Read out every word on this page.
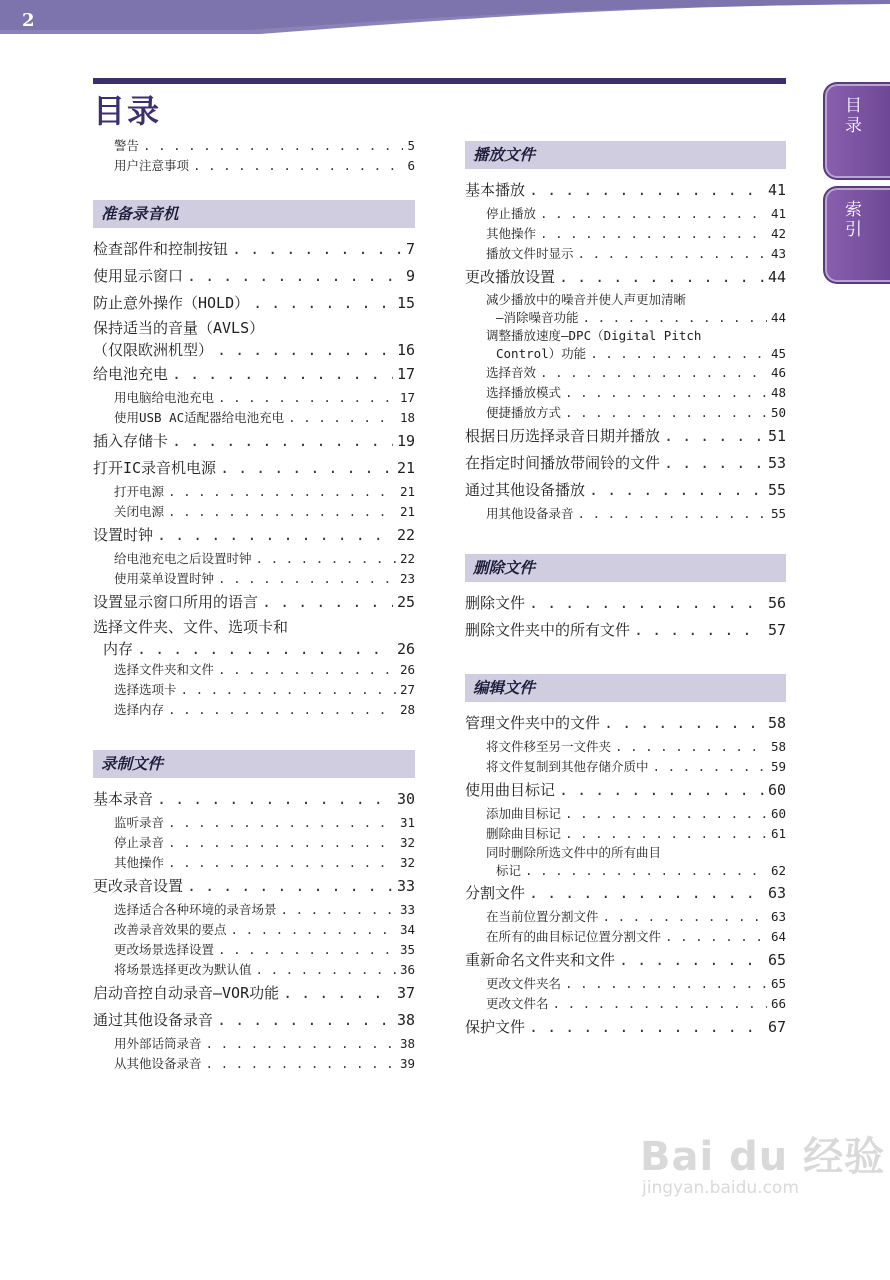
2
目录	目录
索引
警告 . . .	5
用户注意事项 . . .	6
准备录音机
检查部件和控制按钮 . . .	7
使用显示窗口 . . .	9
防止意外操作（HOLD） . . .	15
保持适当的音量（AVLS）
（仅限欧洲机型） . . .	16
给电池充电 . . .	17
用电脑给电池充电 . . .	17
使用USB AC适配器给电池充电 . . .	18
插入存储卡 . . .	19
打开IC录音机电源 . . .	21
打开电源 . . .	21
关闭电源 . . .	21
设置时钟 . . .	22
给电池充电之后设置时钟 . . .	22
使用菜单设置时钟 . . .	23
设置显示窗口所用的语言 . . .	25
选择文件夹、文件、选项卡和
内存 . . .	26
选择文件夹和文件 . . .	26
选择选项卡 . . .	27
选择内存 . . .	28
录制文件
基本录音 . . .	30
监听录音 . . .	31
停止录音 . . .	32
其他操作 . . .	32
更改录音设置 . . .	33
选择适合各种环境的录音场景 . . .	33
改善录音效果的要点 . . .	34
更改场景选择设置 . . .	35
将场景选择更改为默认值 . . .	36
启动音控自动录音—VOR功能 . . .	37
通过其他设备录音 . . .	38
用外部话筒录音 . . .	38
从其他设备录音 . . .	39
播放文件
基本播放 . . .	41
停止播放 . . .	41
其他操作 . . .	42
播放文件时显示 . . .	43
更改播放设置 . . .	44
减少播放中的噪音并使人声更加清晰
—消除噪音功能 . . .	44
调整播放速度—DPC（Digital Pitch
Control）功能 . . .	45
选择音效 . . .	46
选择播放模式 . . .	48
便捷播放方式 . . .	50
根据日历选择录音日期并播放 . . .	51
在指定时间播放带闹铃的文件 . . .	53
通过其他设备播放 . . .	55
用其他设备录音 . . .	55
删除文件
删除文件 . . .	56
删除文件夹中的所有文件 . . .	57
编辑文件
管理文件夹中的文件 . . .	58
将文件移至另一文件夹 . . .	58
将文件复制到其他存储介质中 . . .	59
使用曲目标记 . . .	60
添加曲目标记 . . .	60
删除曲目标记 . . .	61
同时删除所选文件中的所有曲目
标记 . . .	62
分割文件 . . .	63
在当前位置分割文件 . . .	63
在所有的曲目标记位置分割文件 . . .	64
重新命名文件夹和文件 . . .	65
更改文件夹名 . . .	65
更改文件名 . . .	66
保护文件 . . .	67
Bai du 经验
jingyan.baidu.com
